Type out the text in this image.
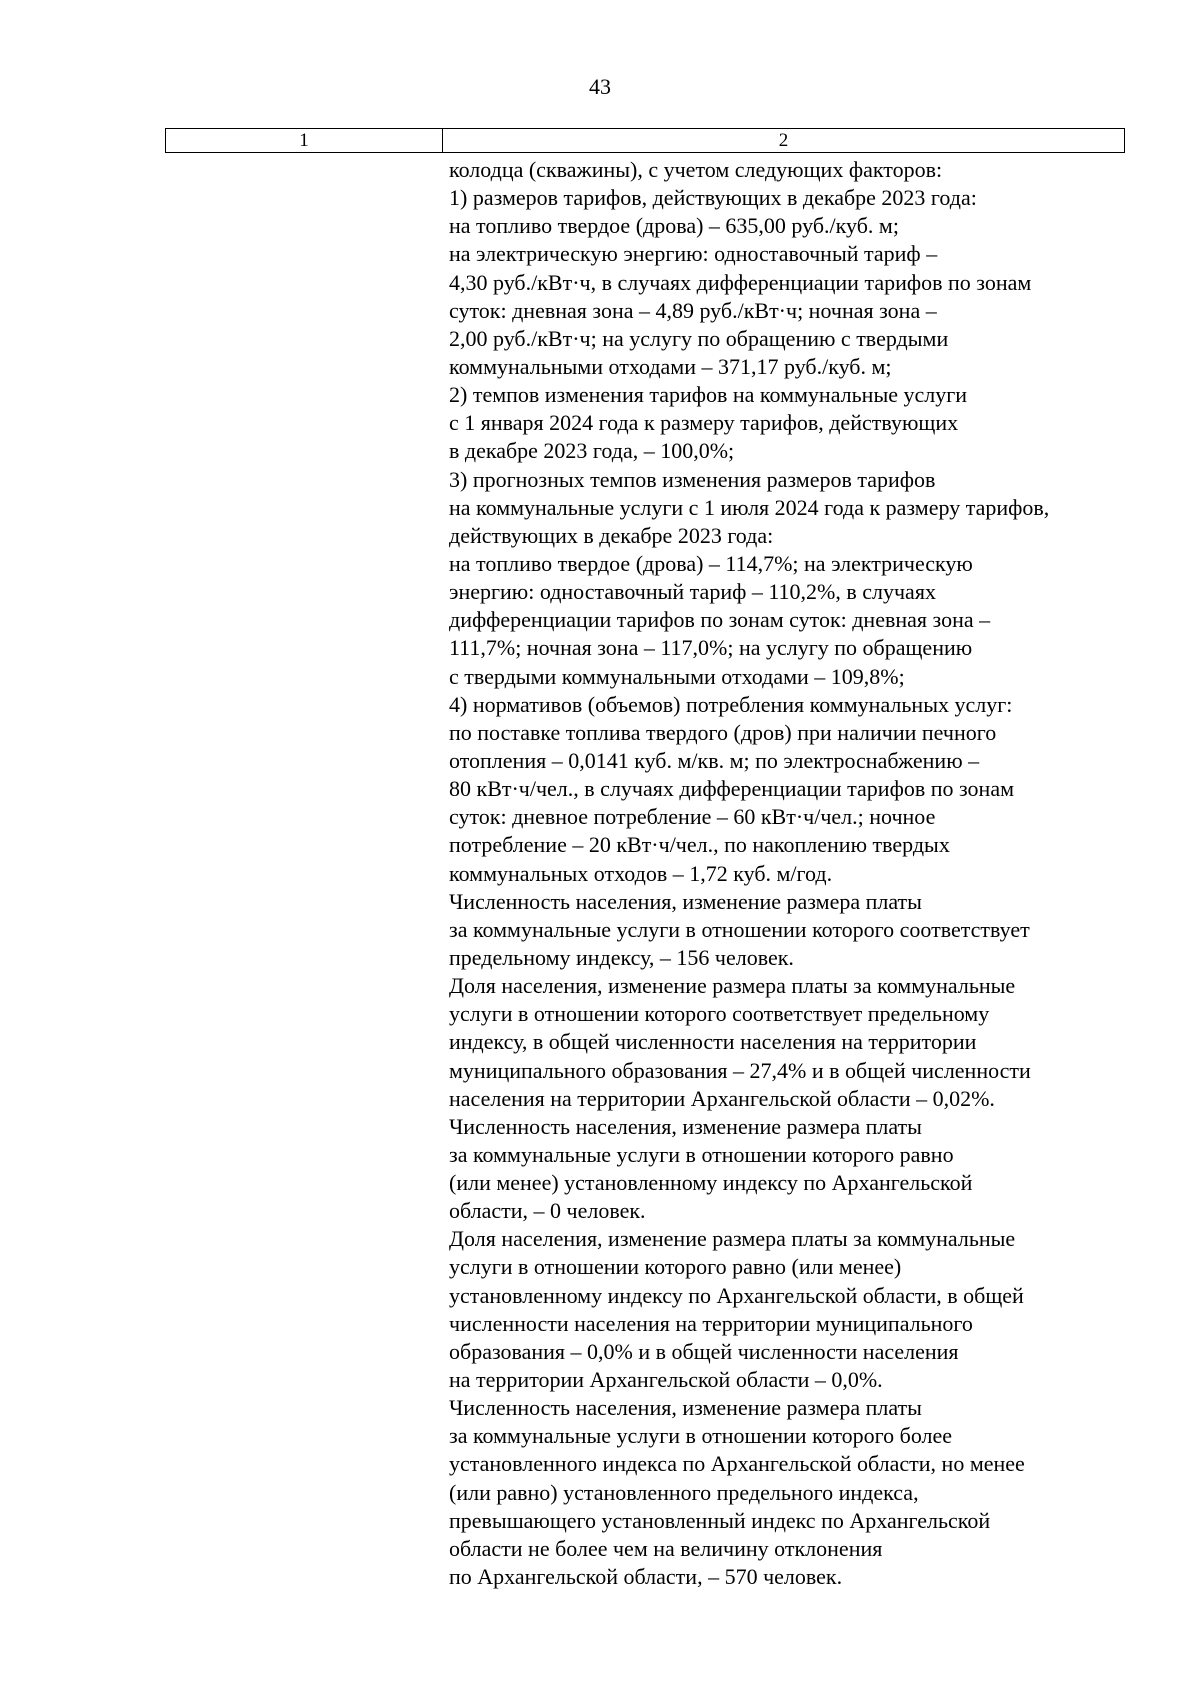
43
1	2
колодца (скважины), с учетом следующих факторов:
1) размеров тарифов, действующих в декабре 2023 года:
на топливо твердое (дрова) – 635,00 руб./куб. м;
на электрическую энергию: одноставочный тариф –
4,30 руб./кВт·ч, в случаях дифференциации тарифов по зонам
суток: дневная зона – 4,89 руб./кВт·ч; ночная зона –
2,00 руб./кВт·ч; на услугу по обращению с твердыми
коммунальными отходами – 371,17 руб./куб. м;
2) темпов изменения тарифов на коммунальные услуги
с 1 января 2024 года к размеру тарифов, действующих
в декабре 2023 года, – 100,0%;
3) прогнозных темпов изменения размеров тарифов
на коммунальные услуги с 1 июля 2024 года к размеру тарифов,
действующих в декабре 2023 года:
на топливо твердое (дрова) – 114,7%; на электрическую
энергию: одноставочный тариф – 110,2%, в случаях
дифференциации тарифов по зонам суток: дневная зона –
111,7%; ночная зона – 117,0%; на услугу по обращению
с твердыми коммунальными отходами – 109,8%;
4) нормативов (объемов) потребления коммунальных услуг:
по поставке топлива твердого (дров) при наличии печного
отопления – 0,0141 куб. м/кв. м; по электроснабжению –
80 кВт·ч/чел., в случаях дифференциации тарифов по зонам
суток: дневное потребление – 60 кВт·ч/чел.; ночное
потребление – 20 кВт·ч/чел., по накоплению твердых
коммунальных отходов – 1,72 куб. м/год.
Численность населения, изменение размера платы
за коммунальные услуги в отношении которого соответствует
предельному индексу, – 156 человек.
Доля населения, изменение размера платы за коммунальные
услуги в отношении которого соответствует предельному
индексу, в общей численности населения на территории
муниципального образования – 27,4% и в общей численности
населения на территории Архангельской области – 0,02%.
Численность населения, изменение размера платы
за коммунальные услуги в отношении которого равно
(или менее) установленному индексу по Архангельской
области, – 0 человек.
Доля населения, изменение размера платы за коммунальные
услуги в отношении которого равно (или менее)
установленному индексу по Архангельской области, в общей
численности населения на территории муниципального
образования – 0,0% и в общей численности населения
на территории Архангельской области – 0,0%.
Численность населения, изменение размера платы
за коммунальные услуги в отношении которого более
установленного индекса по Архангельской области, но менее
(или равно) установленного предельного индекса,
превышающего установленный индекс по Архангельской
области не более чем на величину отклонения
по Архангельской области, – 570 человек.
